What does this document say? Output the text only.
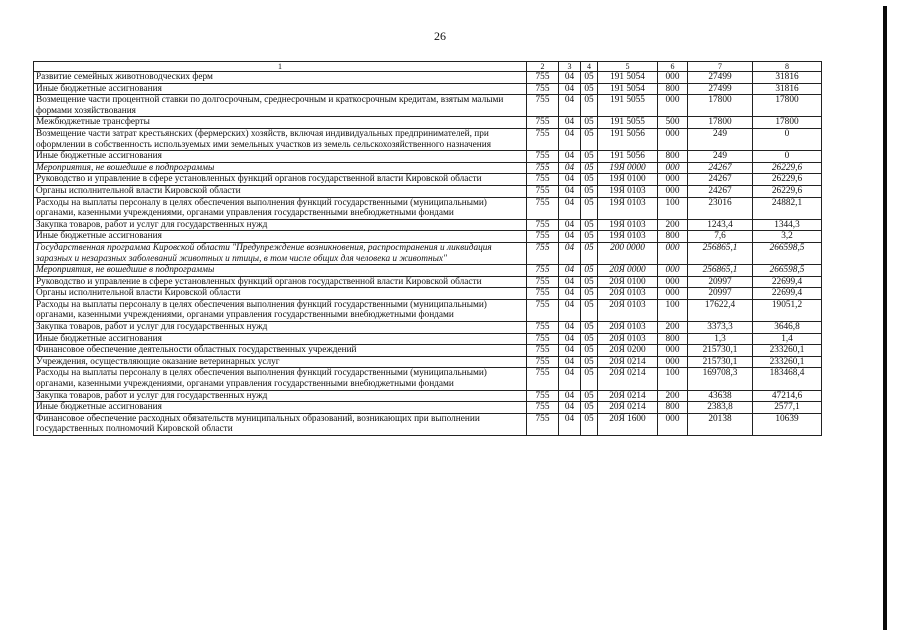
26
1	2	3	4	5	6	7	8
Развитие семейных животноводческих ферм	755	04	05	191 5054	000	27499	31816
Иные бюджетные ассигнования	755	04	05	191 5054	800	27499	31816
Возмещение части процентной ставки по долгосрочным, среднесрочным и краткосрочным кредитам, взятым малыми формами хозяйствования	755	04	05	191 5055	000	17800	17800
Межбюджетные трансферты	755	04	05	191 5055	500	17800	17800
Возмещение части затрат крестьянских (фермерских) хозяйств, включая индивидуальных предпринимателей, при оформлении в собственность используемых ими земельных участков из земель сельскохозяйственного назначения	755	04	05	191 5056	000	249	0
Иные бюджетные ассигнования	755	04	05	191 5056	800	249	0
Мероприятия, не вошедшие в подпрограммы	755	04	05	19Я 0000	000	24267	26229,6
Руководство и управление в сфере установленных функций органов государственной власти Кировской области	755	04	05	19Я 0100	000	24267	26229,6
Органы исполнительной власти Кировской области	755	04	05	19Я 0103	000	24267	26229,6
Расходы на выплаты персоналу в целях обеспечения выполнения функций государственными (муниципальными) органами, казенными учреждениями, органами управления государственными внебюджетными фондами	755	04	05	19Я 0103	100	23016	24882,1
Закупка товаров, работ и услуг для государственных нужд	755	04	05	19Я 0103	200	1243,4	1344,3
Иные бюджетные ассигнования	755	04	05	19Я 0103	800	7,6	3,2
Государственная программа Кировской области "Предупреждение возникновения, распространения и ликвидация заразных и незаразных заболеваний животных и птицы, в том числе общих для человека и животных"	755	04	05	200 0000	000	256865,1	266598,5
Мероприятия, не вошедшие в подпрограммы	755	04	05	20Я 0000	000	256865,1	266598,5
Руководство и управление в сфере установленных функций органов государственной власти Кировской области	755	04	05	20Я 0100	000	20997	22699,4
Органы исполнительной власти Кировской области	755	04	05	20Я 0103	000	20997	22699,4
Расходы на выплаты персоналу в целях обеспечения выполнения функций государственными (муниципальными) органами, казенными учреждениями, органами управления государственными внебюджетными фондами	755	04	05	20Я 0103	100	17622,4	19051,2
Закупка товаров, работ и услуг для государственных нужд	755	04	05	20Я 0103	200	3373,3	3646,8
Иные бюджетные ассигнования	755	04	05	20Я 0103	800	1,3	1,4
Финансовое обеспечение деятельности областных государственных учреждений	755	04	05	20Я 0200	000	215730,1	233260,1
Учреждения, осуществляющие оказание ветеринарных услуг	755	04	05	20Я 0214	000	215730,1	233260,1
Расходы на выплаты персоналу в целях обеспечения выполнения функций государственными (муниципальными) органами, казенными учреждениями, органами управления государственными внебюджетными фондами	755	04	05	20Я 0214	100	169708,3	183468,4
Закупка товаров, работ и услуг для государственных нужд	755	04	05	20Я 0214	200	43638	47214,6
Иные бюджетные ассигнования	755	04	05	20Я 0214	800	2383,8	2577,1
Финансовое обеспечение расходных обязательств муниципальных образований, возникающих при выполнении государственных полномочий Кировской области	755	04	05	20Я 1600	000	20138	10639
